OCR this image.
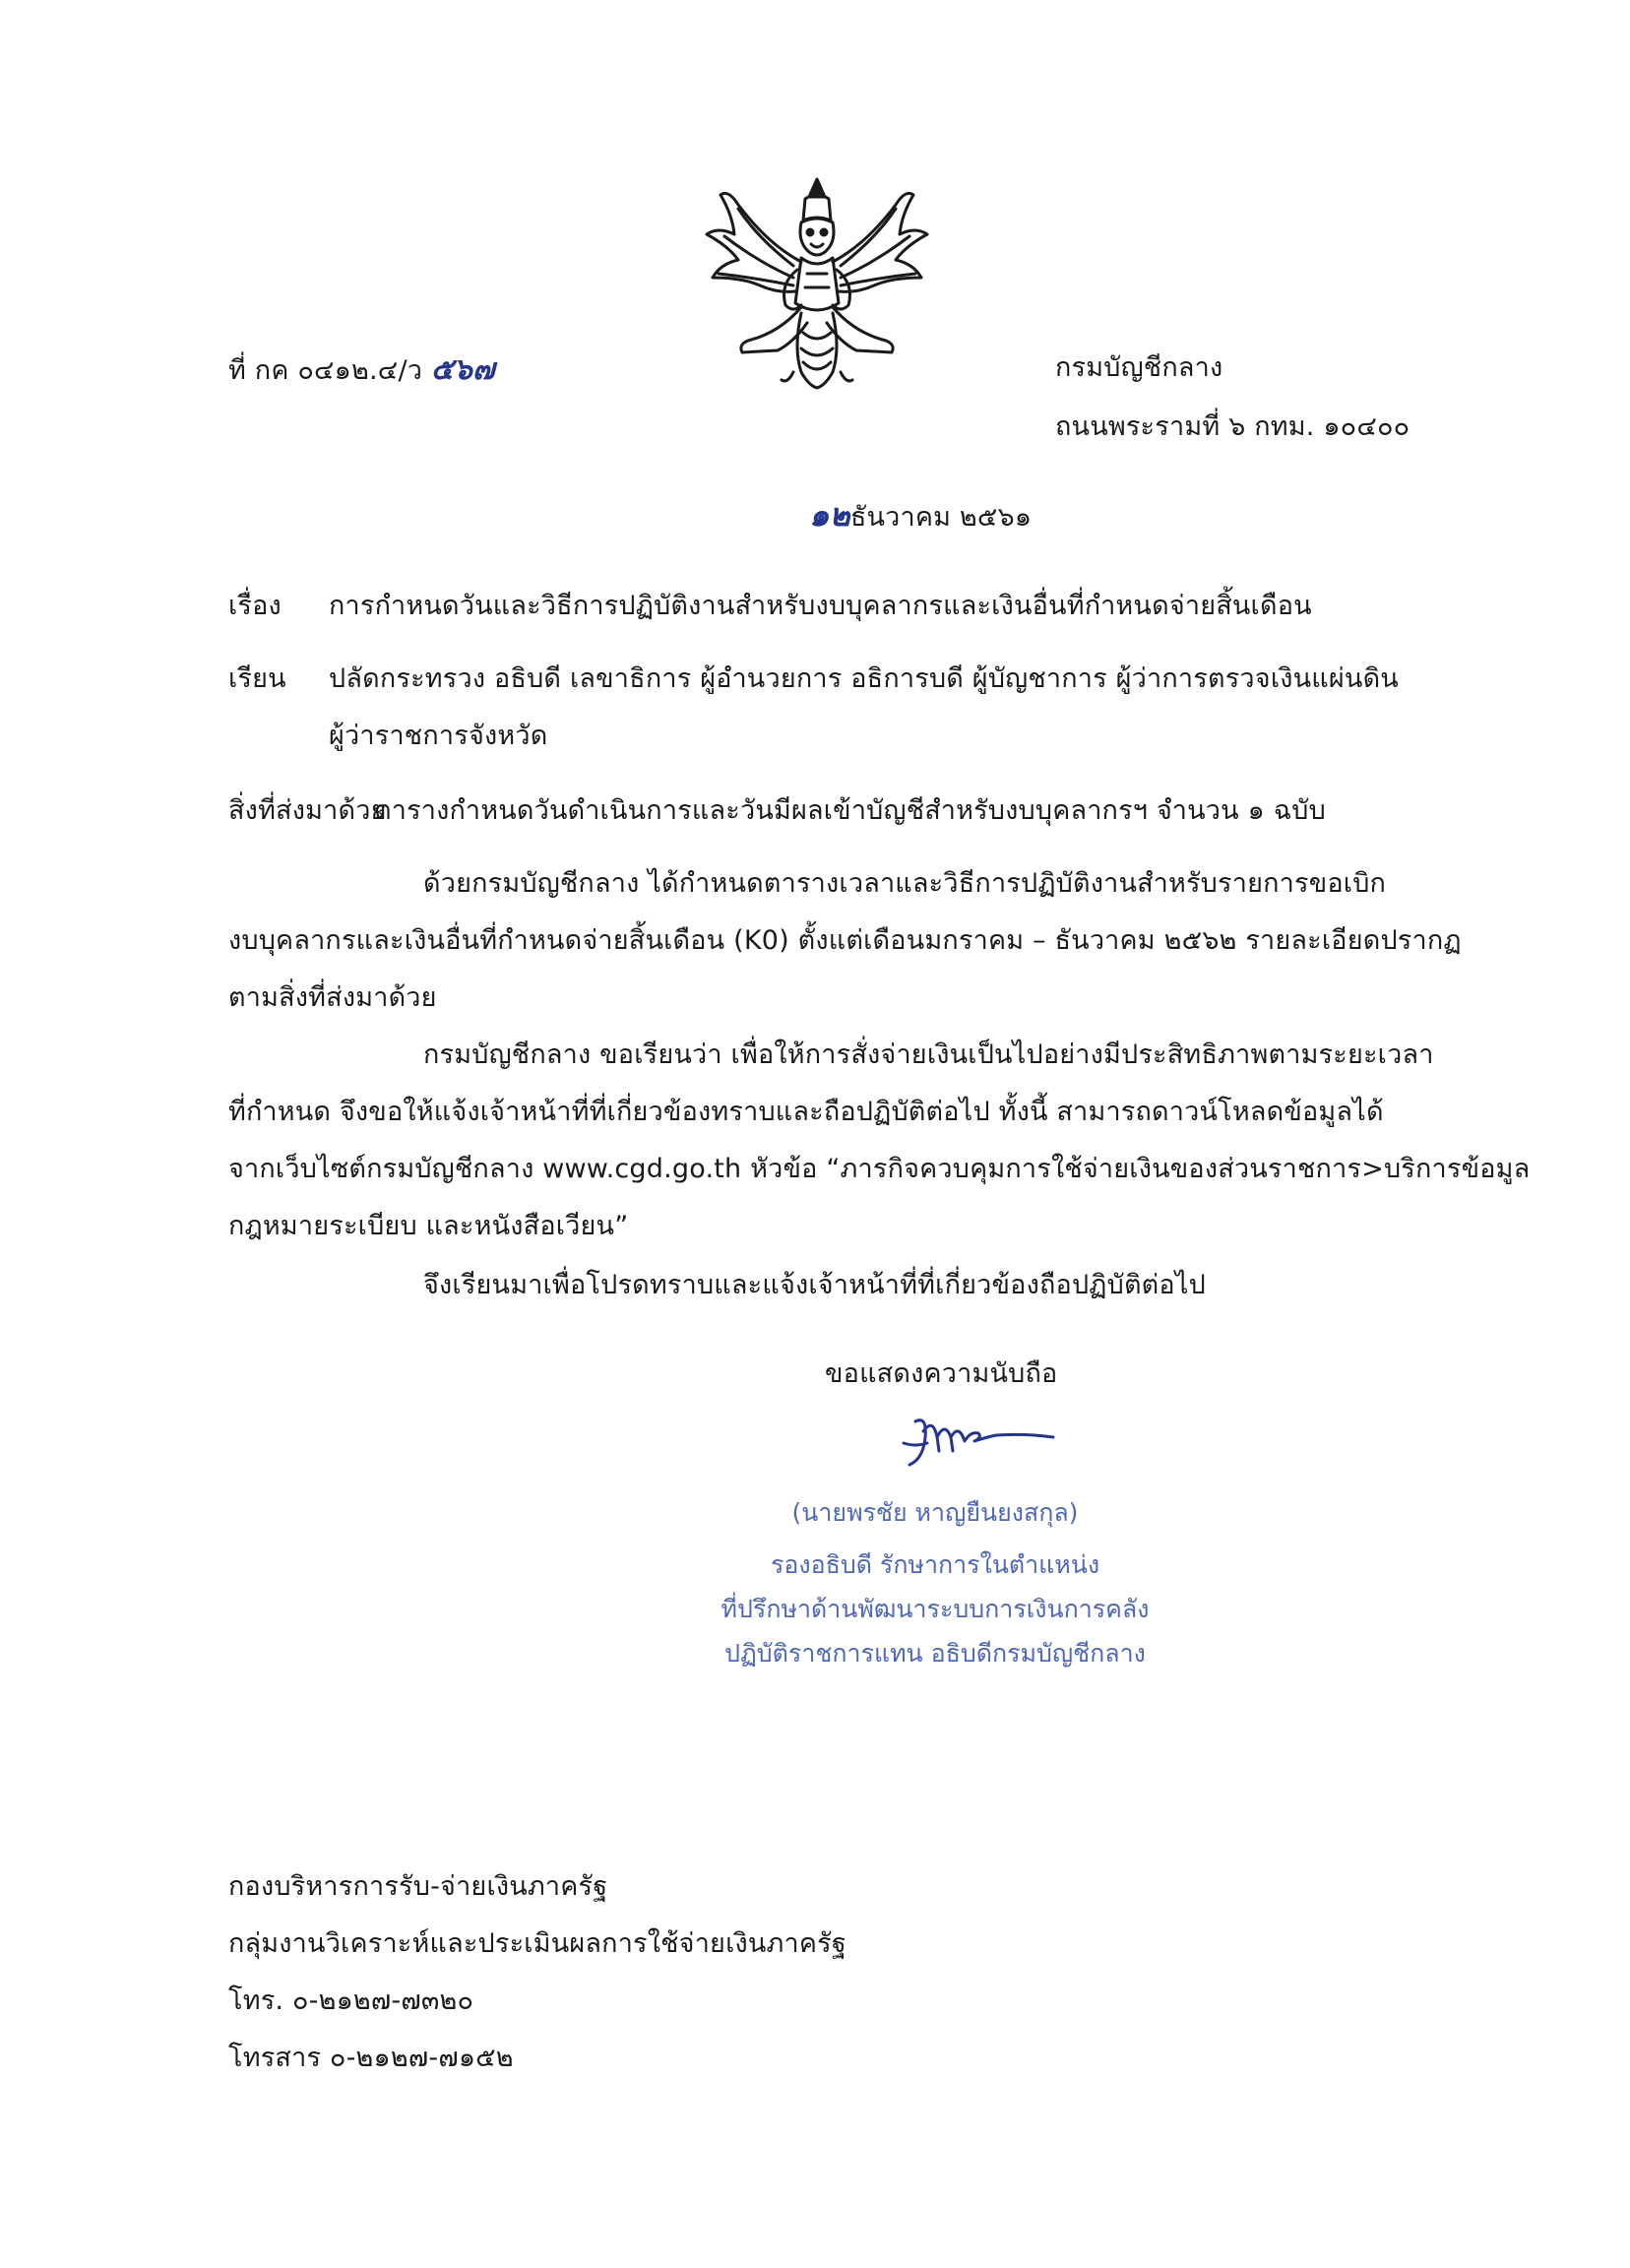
ที่ กค ๐๔๑๒.๔/ว ๕๖๗	กรมบัญชีกลาง
ถนนพระรามที่ ๖ กทม. ๑๐๔๐๐
๑๒ธันวาคม ๒๕๖๑
เรื่อง การกำหนดวันและวิธีการปฏิบัติงานสำหรับงบบุคลากรและเงินอื่นที่กำหนดจ่ายสิ้นเดือน
เรียน ปลัดกระทรวง อธิบดี เลขาธิการ ผู้อำนวยการ อธิการบดี ผู้บัญชาการ ผู้ว่าการตรวจเงินแผ่นดิน
ผู้ว่าราชการจังหวัด
สิ่งที่ส่งมาด้วย
ตารางกำหนดวันดำเนินการและวันมีผลเข้าบัญชีสำหรับงบบุคลากรฯ จำนวน ๑ ฉบับ
ด้วยกรมบัญชีกลาง ได้กำหนดตารางเวลาและวิธีการปฏิบัติงานสำหรับรายการขอเบิก
งบบุคลากรและเงินอื่นที่กำหนดจ่ายสิ้นเดือน (K0) ตั้งแต่เดือนมกราคม – ธันวาคม ๒๕๖๒ รายละเอียดปรากฏ
ตามสิ่งที่ส่งมาด้วย
กรมบัญชีกลาง ขอเรียนว่า เพื่อให้การสั่งจ่ายเงินเป็นไปอย่างมีประสิทธิภาพตามระยะเวลา
ที่กำหนด จึงขอให้แจ้งเจ้าหน้าที่ที่เกี่ยวข้องทราบและถือปฏิบัติต่อไป ทั้งนี้ สามารถดาวน์โหลดข้อมูลได้
จากเว็บไซต์กรมบัญชีกลาง www.cgd.go.th หัวข้อ “ภารกิจควบคุมการใช้จ่ายเงินของส่วนราชการ>บริการข้อมูล
กฎหมายระเบียบ และหนังสือเวียน”
จึงเรียนมาเพื่อโปรดทราบและแจ้งเจ้าหน้าที่ที่เกี่ยวข้องถือปฏิบัติต่อไป
ขอแสดงความนับถือ
(นายพรชัย หาญยืนยงสกุล)
รองอธิบดี รักษาการในตำแหน่ง
ที่ปรึกษาด้านพัฒนาระบบการเงินการคลัง
ปฏิบัติราชการแทน อธิบดีกรมบัญชีกลาง
กองบริหารการรับ-จ่ายเงินภาครัฐ
กลุ่มงานวิเคราะห์และประเมินผลการใช้จ่ายเงินภาครัฐ
โทร. ๐-๒๑๒๗-๗๓๒๐
โทรสาร ๐-๒๑๒๗-๗๑๕๒
